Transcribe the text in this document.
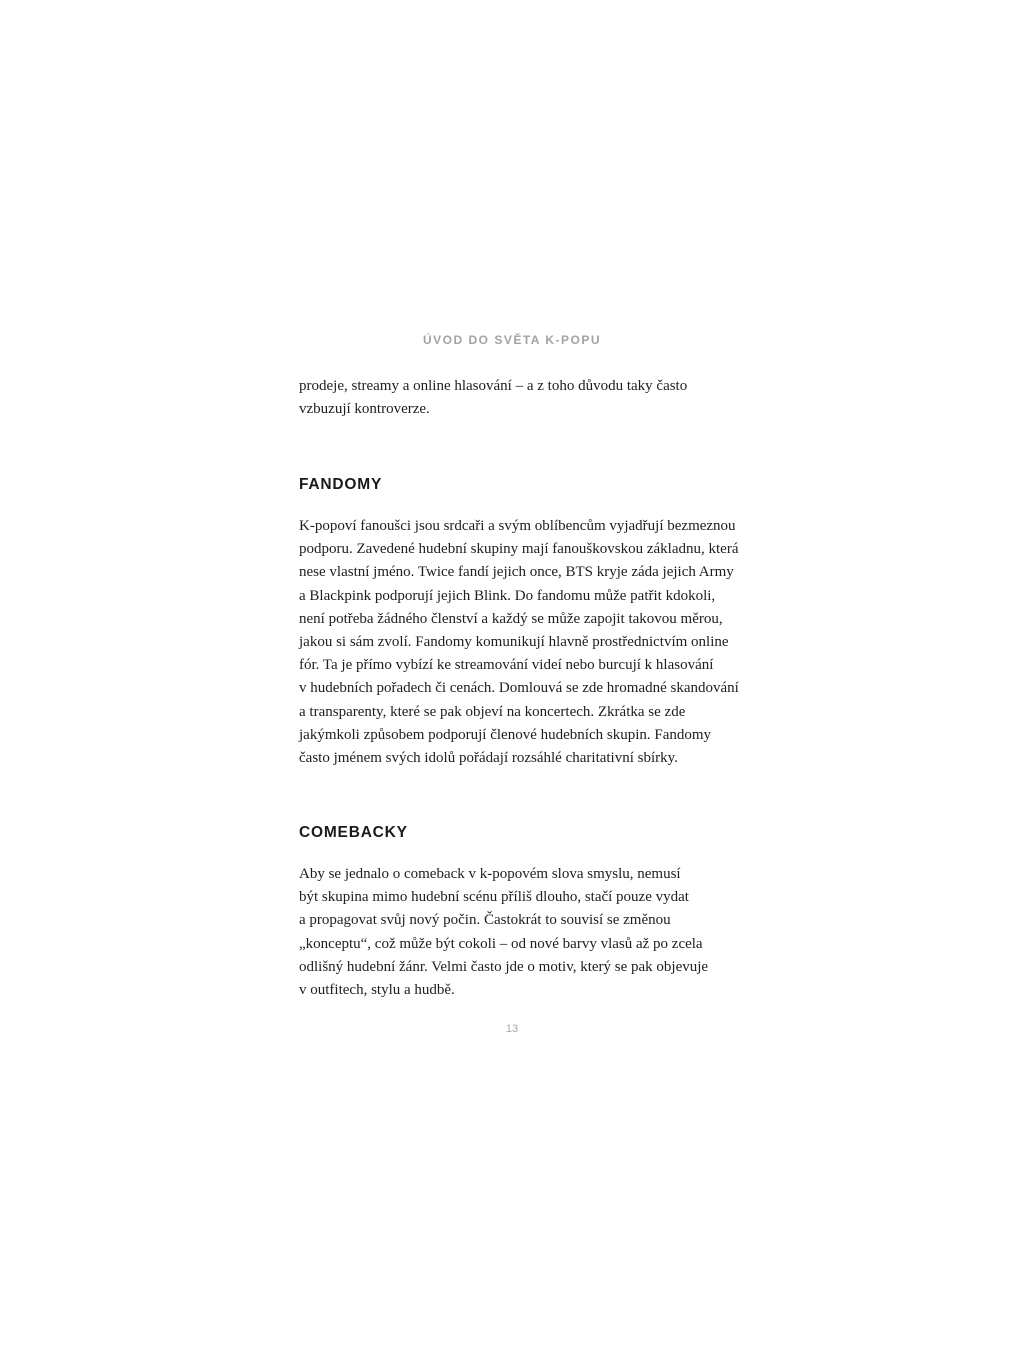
ÚVOD DO SVĚTA K-POPU
prodeje, streamy a online hlasování – a z toho důvodu taky často
vzbuzují kontroverze.
FANDOMY
K-popoví fanoušci jsou srdcaři a svým oblíbencům vyjadřují bezmeznou
podporu. Zavedené hudební skupiny mají fanouškovskou základnu, která
nese vlastní jméno. Twice fandí jejich once, BTS kryje záda jejich Army
a Blackpink podporují jejich Blink. Do fandomu může patřit kdokoli,
není potřeba žádného členství a každý se může zapojit takovou měrou,
jakou si sám zvolí. Fandomy komunikují hlavně prostřednictvím online
fór. Ta je přímo vybízí ke streamování videí nebo burcují k hlasování
v hudebních pořadech či cenách. Domlouvá se zde hromadné skandování
a transparenty, které se pak objeví na koncertech. Zkrátka se zde
jakýmkoli způsobem podporují členové hudebních skupin. Fandomy
často jménem svých idolů pořádají rozsáhlé charitativní sbírky.
COMEBACKY
Aby se jednalo o comeback v k-popovém slova smyslu, nemusí
být skupina mimo hudební scénu příliš dlouho, stačí pouze vydat
a propagovat svůj nový počin. Častokrát to souvisí se změnou
„konceptu“, což může být cokoli – od nové barvy vlasů až po zcela
odlišný hudební žánr. Velmi často jde o motiv, který se pak objevuje
v outfitech, stylu a hudbě.
13
